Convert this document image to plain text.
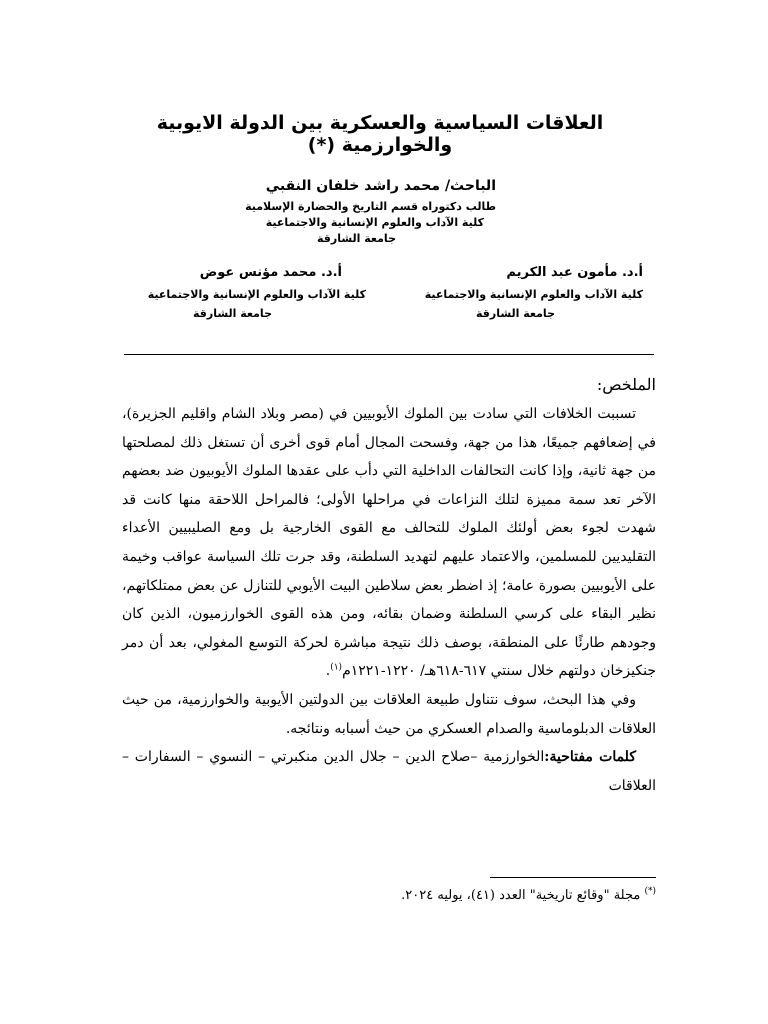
العلاقات السياسية والعسكرية بين الدولة الايوبية والخوارزمية (*)
الباحث/ محمد راشد خلفان النقبي
طالب دكتوراه قسم التاريخ والحضارة الإسلامية
كلية الآداب والعلوم الإنسانية والاجتماعية
جامعة الشارقة
أ.د. مأمون عبد الكريم
كلية الآداب والعلوم الإنسانية والاجتماعية
جامعة الشارقة
أ.د. محمد مؤنس عوض
كلية الآداب والعلوم الإنسانية والاجتماعية
جامعة الشارقة
الملخص:

تسببت الخلافات التي سادت بين الملوك الأيوبيين في (مصر وبلاد الشام واقليم الجزيرة)، في إضعافهم جميعًا، هذا من جهة، وفسحت المجال أمام قوى أخرى أن تستغل ذلك لمصلحتها من جهة ثانية، وإذا كانت التحالفات الداخلية التي دأب على عقدها الملوك الأيوبيون ضد بعضهم الآخر تعد سمة مميزة لتلك النزاعات في مراحلها الأولى؛ فالمراحل اللاحقة منها كانت قد شهدت لجوء بعض أولئك الملوك للتحالف مع القوى الخارجية بل ومع الصليبيين الأعداء التقليديين للمسلمين، والاعتماد عليهم لتهديد السلطنة، وقد جرت تلك السياسة عواقب وخيمة على الأيوبيين بصورة عامة؛ إذ اضطر بعض سلاطين البيت الأيوبي للتنازل عن بعض ممتلكاتهم، نظير البقاء على كرسي السلطنة وضمان بقائه، ومن هذه القوى الخوارزميون، الذين كان وجودهم طارئًا على المنطقة، بوصف ذلك نتيجة مباشرة لحركة التوسع المغولي، بعد أن دمر جنكيزخان دولتهم خلال سنتي ٦١٧-٦١٨هـ/ ١٢٢٠-١٢٢١م$^{(١)}$.

وفي هذا البحث، سوف نتناول طبيعة العلاقات بين الدولتين الأيوبية والخوارزمية، من حيث العلاقات الدبلوماسية والصدام العسكري من حيث أسبابه ونتائجه.

كلمات مفتاحية:الخوارزمية –صلاح الدين – جلال الدين منكبرتي – النسوي – السفارات – العلاقات

(*) مجلة "وقائع تاريخية" العدد (٤١)، يوليه ٢٠٢٤.
